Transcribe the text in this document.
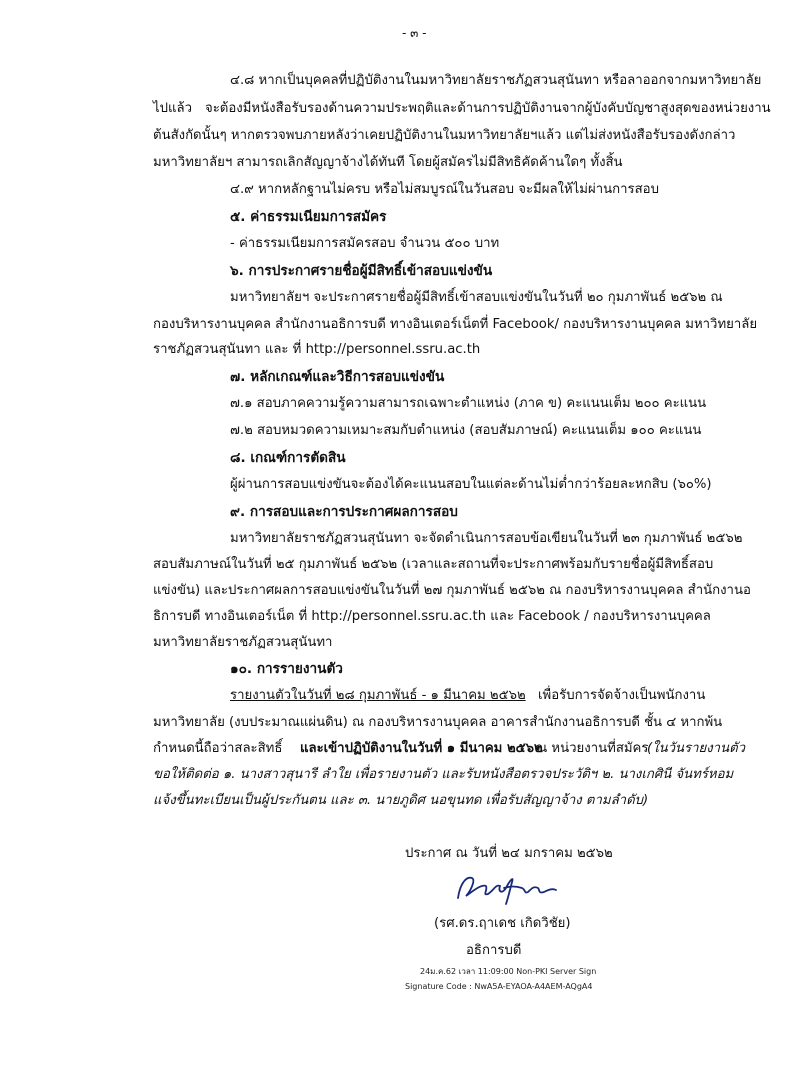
- ๓ -
๔.๘ หากเป็นบุคคลที่ปฏิบัติงานในมหาวิทยาลัยราชภัฏสวนสุนันทา หรือลาออกจากมหาวิทยาลัย
ไปแล้ว จะต้องมีหนังสือรับรองด้านความประพฤติและด้านการปฏิบัติงานจากผู้บังคับบัญชาสูงสุดของหน่วยงาน
ต้นสังกัดนั้นๆ หากตรวจพบภายหลังว่าเคยปฏิบัติงานในมหาวิทยาลัยฯแล้ว แต่ไม่ส่งหนังสือรับรองดังกล่าว
มหาวิทยาลัยฯ สามารถเลิกสัญญาจ้างได้ทันที โดยผู้สมัครไม่มีสิทธิคัดค้านใดๆ ทั้งสิ้น
๔.๙ หากหลักฐานไม่ครบ หรือไม่สมบูรณ์ในวันสอบ จะมีผลให้ไม่ผ่านการสอบ
๕. ค่าธรรมเนียมการสมัคร
- ค่าธรรมเนียมการสมัครสอบ จำนวน ๕๐๐ บาท
๖. การประกาศรายชื่อผู้มีสิทธิ์เข้าสอบแข่งขัน
มหาวิทยาลัยฯ จะประกาศรายชื่อผู้มีสิทธิ์เข้าสอบแข่งขันในวันที่ ๒๐ กุมภาพันธ์ ๒๕๖๒ ณ
กองบริหารงานบุคคล สำนักงานอธิการบดี ทางอินเตอร์เน็ตที่ Facebook/ กองบริหารงานบุคคล มหาวิทยาลัย
ราชภัฏสวนสุนันทา และ ที่ http://personnel.ssru.ac.th
๗. หลักเกณฑ์และวิธีการสอบแข่งขัน
๗.๑ สอบภาคความรู้ความสามารถเฉพาะตำแหน่ง (ภาค ข) คะแนนเต็ม ๒๐๐ คะแนน
๗.๒ สอบหมวดความเหมาะสมกับตำแหน่ง (สอบสัมภาษณ์) คะแนนเต็ม ๑๐๐ คะแนน
๘. เกณฑ์การตัดสิน
ผู้ผ่านการสอบแข่งขันจะต้องได้คะแนนสอบในแต่ละด้านไม่ต่ำกว่าร้อยละหกสิบ (๖๐%)
๙. การสอบและการประกาศผลการสอบ
มหาวิทยาลัยราชภัฏสวนสุนันทา จะจัดดำเนินการสอบข้อเขียนในวันที่ ๒๓ กุมภาพันธ์ ๒๕๖๒
สอบสัมภาษณ์ในวันที่ ๒๕ กุมภาพันธ์ ๒๕๖๒ (เวลาและสถานที่จะประกาศพร้อมกับรายชื่อผู้มีสิทธิ์สอบ
แข่งขัน) และประกาศผลการสอบแข่งขันในวันที่ ๒๗ กุมภาพันธ์ ๒๕๖๒ ณ กองบริหารงานบุคคล สำนักงานอ
ธิการบดี ทางอินเตอร์เน็ต ที่ http://personnel.ssru.ac.th และ Facebook / กองบริหารงานบุคคล
มหาวิทยาลัยราชภัฏสวนสุนันทา
๑๐. การรายงานตัว
รายงานตัวในวันที่ ๒๘ กุมภาพันธ์ - ๑ มีนาคม ๒๕๖๒ เพื่อรับการจัดจ้างเป็นพนักงาน
มหาวิทยาลัย (งบประมาณแผ่นดิน) ณ กองบริหารงานบุคคล อาคารสำนักงานอธิการบดี ชั้น ๔ หากพ้น
กำหนดนี้ถือว่าสละสิทธิ์ และเข้าปฏิบัติงานในวันที่ ๑ มีนาคม ๒๕๖๒
ณ หน่วยงานที่สมัคร
(ในวันรายงานตัว
ขอให้ติดต่อ ๑. นางสาวสุนารี ลำใย เพื่อรายงานตัว และรับหนังสือตรวจประวัติฯ ๒. นางเกศินี จันทร์หอม
แจ้งขึ้นทะเบียนเป็นผู้ประกันตน และ ๓. นายภูดิศ นอขุนทด เพื่อรับสัญญาจ้าง ตามลำดับ)
ประกาศ ณ วันที่ ๒๔ มกราคม ๒๕๖๒
(รศ.ดร.ฤาเดช เกิดวิชัย)
อธิการบดี
24ม.ค.62 เวลา 11:09:00 Non-PKI Server Sign
Signature Code : NwA5A-EYAOA-A4AEM-AQgA4
